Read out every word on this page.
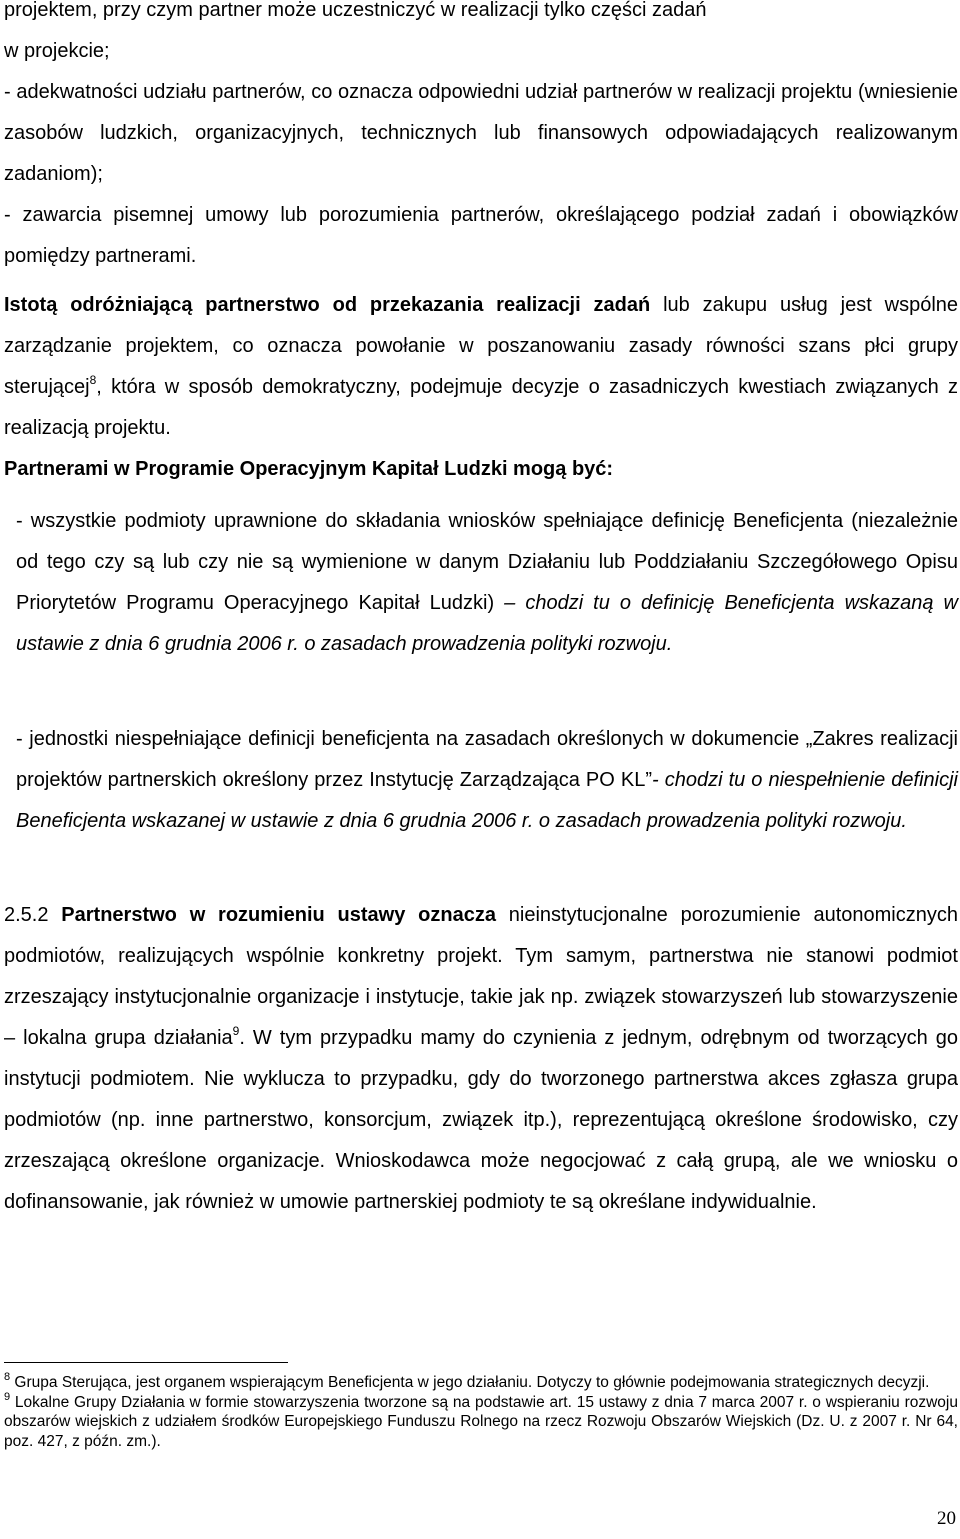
projektem, przy czym partner może uczestniczyć w realizacji tylko części zadań
w projekcie;

- adekwatności udziału partnerów, co oznacza odpowiedni udział partnerów w realizacji projektu (wniesienie zasobów ludzkich, organizacyjnych, technicznych lub finansowych odpowiadających realizowanym zadaniom);

- zawarcia pisemnej umowy lub porozumienia partnerów, określającego podział zadań i obowiązków pomiędzy partnerami.

Istotą odróżniającą partnerstwo od przekazania realizacji zadań lub zakupu usług jest wspólne zarządzanie projektem, co oznacza powołanie w poszanowaniu zasady równości szans płci grupy sterującej$^8$, która w sposób demokratyczny, podejmuje decyzje o zasadniczych kwestiach związanych z realizacją projektu.

Partnerami w Programie Operacyjnym Kapitał Ludzki mogą być:

- wszystkie podmioty uprawnione do składania wniosków spełniające definicję Beneficjenta (niezależnie od tego czy są lub czy nie są wymienione w danym Działaniu lub Poddziałaniu Szczegółowego Opisu Priorytetów Programu Operacyjnego Kapitał Ludzki) – chodzi tu o definicję Beneficjenta wskazaną w ustawie z dnia 6 grudnia 2006 r. o zasadach prowadzenia polityki rozwoju.

- jednostki niespełniające definicji beneficjenta na zasadach określonych w dokumencie „Zakres realizacji projektów partnerskich określony przez Instytucję Zarządzająca PO KL”- chodzi tu o niespełnienie definicji Beneficjenta wskazanej w ustawie z dnia 6 grudnia 2006 r. o zasadach prowadzenia polityki rozwoju.

2.5.2 Partnerstwo w rozumieniu ustawy oznacza nieinstytucjonalne porozumienie autonomicznych podmiotów, realizujących wspólnie konkretny projekt. Tym samym, partnerstwa nie stanowi podmiot zrzeszający instytucjonalnie organizacje i instytucje, takie jak np. związek stowarzyszeń lub stowarzyszenie – lokalna grupa działania$^9$. W tym przypadku mamy do czynienia z jednym, odrębnym od tworzących go instytucji podmiotem. Nie wyklucza to przypadku, gdy do tworzonego partnerstwa akces zgłasza grupa podmiotów (np. inne partnerstwo, konsorcjum, związek itp.), reprezentującą określone środowisko, czy zrzeszającą określone organizacje. Wnioskodawca może negocjować z całą grupą, ale we wniosku o dofinansowanie, jak również w umowie partnerskiej podmioty te są określane indywidualnie.

$^8$ Grupa Sterująca, jest organem wspierającym Beneficjenta w jego działaniu. Dotyczy to głównie podejmowania strategicznych decyzji.

$^9$ Lokalne Grupy Działania w formie stowarzyszenia tworzone są na podstawie art. 15 ustawy z dnia 7 marca 2007 r. o wspieraniu rozwoju obszarów wiejskich z udziałem środków Europejskiego Funduszu Rolnego na rzecz Rozwoju Obszarów Wiejskich (Dz. U. z 2007 r. Nr 64, poz. 427, z późn. zm.).

20
